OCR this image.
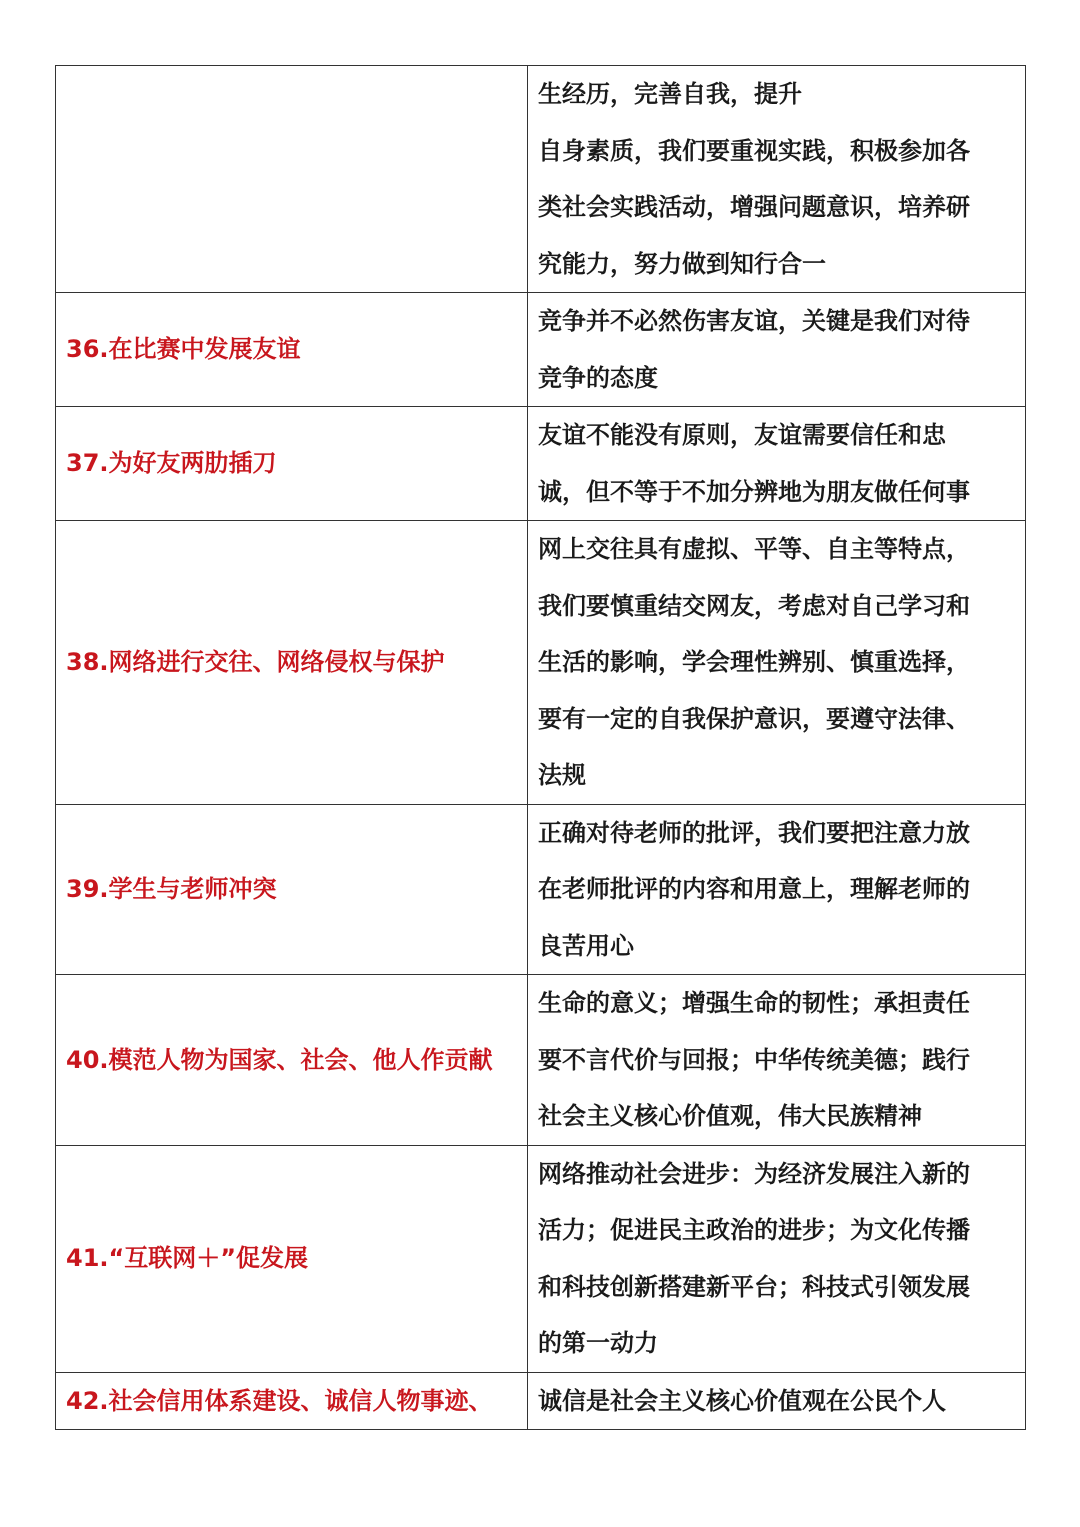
	生经历，完善自我，提升
自身素质，我们要重视实践，积极参加各
类社会实践活动，增强问题意识，培养研
究能力，努力做到知行合一

36.在比赛中发展友谊	竞争并不必然伤害友谊，关键是我们对待
竞争的态度

37.为好友两肋插刀	友谊不能没有原则，友谊需要信任和忠
诚，但不等于不加分辨地为朋友做任何事

38.网络进行交往、网络侵权与保护	网上交往具有虚拟、平等、自主等特点，
我们要慎重结交网友，考虑对自己学习和
生活的影响，学会理性辨别、慎重选择，
要有一定的自我保护意识，要遵守法律、
法规

39.学生与老师冲突	正确对待老师的批评，我们要把注意力放
在老师批评的内容和用意上，理解老师的
良苦用心

40.模范人物为国家、社会、他人作贡献	生命的意义；增强生命的韧性；承担责任
要不言代价与回报；中华传统美德；践行
社会主义核心价值观，伟大民族精神

41.“互联网＋”促发展	网络推动社会进步：为经济发展注入新的
活力；促进民主政治的进步；为文化传播
和科技创新搭建新平台；科技式引领发展
的第一动力

42.社会信用体系建设、诚信人物事迹、	诚信是社会主义核心价值观在公民个人
